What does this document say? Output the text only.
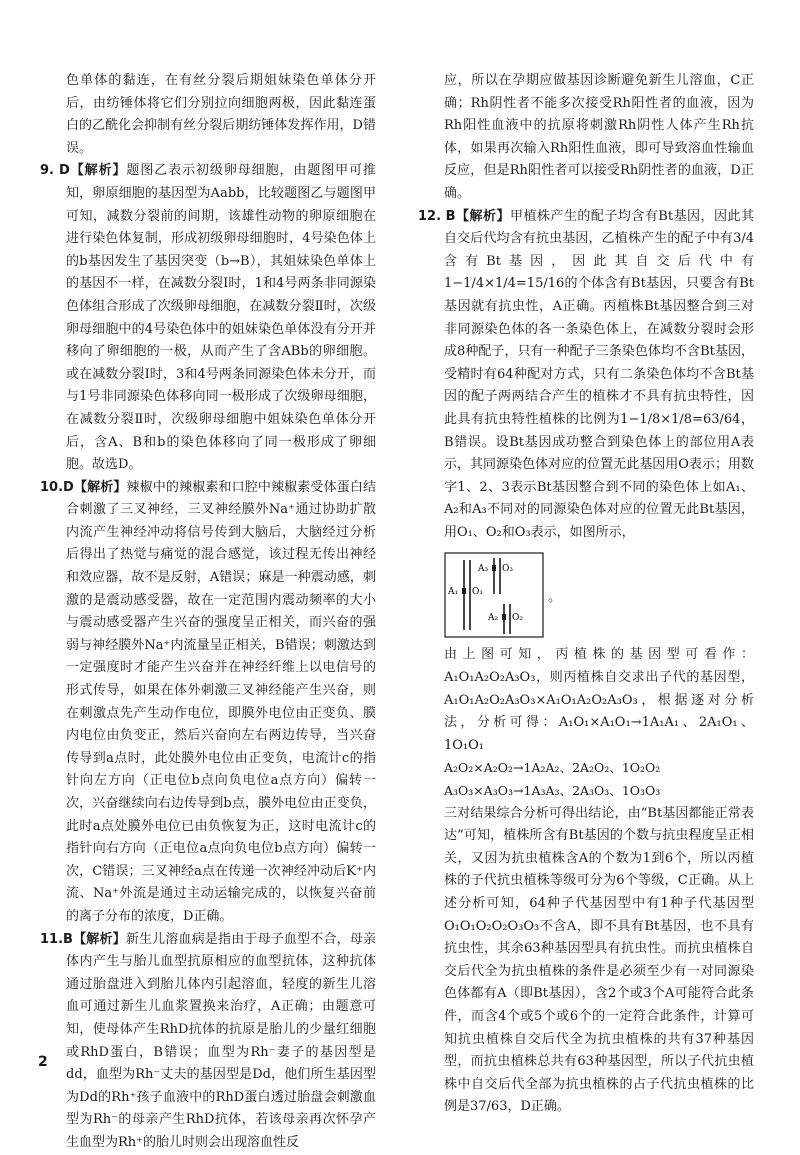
色单体的黏连，在有丝分裂后期姐妹染色单体分开后，由纺锤体将它们分别拉向细胞两极，因此黏连蛋白的乙酰化会抑制有丝分裂后期纺锤体发挥作用，D错误。

9. D【解析】题图乙表示初级卵母细胞，由题图甲可推知，卵原细胞的基因型为Aabb，比较题图乙与题图甲可知，减数分裂前的间期，该雄性动物的卵原细胞在进行染色体复制，形成初级卵母细胞时，4号染色体上的b基因发生了基因突变（b→B），其姐妹染色单体上的基因不一样，在减数分裂Ⅰ时，1和4号两条非同源染色体组合形成了次级卵母细胞，在减数分裂Ⅱ时，次级卵母细胞中的4号染色体中的姐妹染色单体没有分开并移向了卵细胞的一极，从而产生了含ABb的卵细胞。或在减数分裂Ⅰ时，3和4号两条同源染色体未分开，而与1号非同源染色体移向同一极形成了次级卵母细胞，在减数分裂Ⅱ时，次级卵母细胞中姐妹染色单体分开后，含A、B和b的染色体移向了同一极形成了卵细胞。故选D。

10.D【解析】辣椒中的辣椒素和口腔中辣椒素受体蛋白结合刺激了三叉神经，三叉神经膜外Na⁺通过协助扩散内流产生神经冲动将信号传到大脑后，大脑经过分析后得出了热觉与痛觉的混合感觉，该过程无传出神经和效应器，故不是反射，A错误；麻是一种震动感，刺激的是震动感受器，故在一定范围内震动频率的大小与震动感受器产生兴奋的强度呈正相关，而兴奋的强弱与神经膜外Na⁺内流量呈正相关，B错误；刺激达到一定强度时才能产生兴奋并在神经纤维上以电信号的形式传导，如果在体外刺激三叉神经能产生兴奋，则在刺激点先产生动作电位，即膜外电位由正变负、膜内电位由负变正，然后兴奋向左右两边传导，当兴奋传导到a点时，此处膜外电位由正变负，电流计c的指针向左方向（正电位b点向负电位a点方向）偏转一次，兴奋继续向右边传导到b点，膜外电位由正变负，此时a点处膜外电位已由负恢复为正，这时电流计c的指针向右方向（正电位a点向负电位b点方向）偏转一次，C错误；三叉神经a点在传递一次神经冲动后K⁺内流、Na⁺外流是通过主动运输完成的，以恢复兴奋前的离子分布的浓度，D正确。

11.B【解析】新生儿溶血病是指由于母子血型不合，母亲体内产生与胎儿血型抗原相应的血型抗体，这种抗体通过胎盘进入到胎儿体内引起溶血，轻度的新生儿溶血可通过新生儿血浆置换来治疗，A正确；由题意可知，使母体产生RhD抗体的抗原是胎儿的少量红细胞或RhD蛋白，B错误；血型为Rh⁻妻子的基因型是dd，血型为Rh⁻丈夫的基因型是Dd，他们所生基因型为Dd的Rh⁺孩子血液中的RhD蛋白透过胎盘会刺激血型为Rh⁻的母亲产生RhD抗体，若该母亲再次怀孕产生血型为Rh⁺的胎儿时则会出现溶血性反

应，所以在孕期应做基因诊断避免新生儿溶血，C正确；Rh阴性者不能多次接受Rh阳性者的血液，因为Rh阳性血液中的抗原将刺激Rh阴性人体产生Rh抗体，如果再次输入Rh阳性血液，即可导致溶血性输血反应，但是Rh阳性者可以接受Rh阴性者的血液，D正确。

12. B【解析】甲植株产生的配子均含有Bt基因，因此其自交后代均含有抗虫基因，乙植株产生的配子中有3/4含有Bt基因，因此其自交后代中有1−1/4×1/4=15/16的个体含有Bt基因，只要含有Bt基因就有抗虫性，A正确。丙植株Bt基因整合到三对非同源染色体的各一条染色体上，在减数分裂时会形成8种配子，只有一种配子三条染色体均不含Bt基因，受精时有64种配对方式，只有二条染色体均不含Bt基因的配子两两结合产生的植株才不具有抗虫特性，因此具有抗虫特性植株的比例为1−1/8×1/8=63/64，B错误。设Bt基因成功整合到染色体上的部位用A表示，其同源染色体对应的位置无此基因用O表示；用数字1、2、3表示Bt基因整合到不同的染色体上如A₁、A₂和A₃不同对的同源染色体对应的位置无此Bt基因，用O₁、O₂和O₃表示，如图所示，

A₃ O₃
A₁ O₁
A₂ O₂
。

由上图可知，丙植株的基因型可看作：A₁O₁A₂O₂A₃O₃，则丙植株自交求出子代的基因型，A₁O₁A₂O₂A₃O₃×A₁O₁A₂O₂A₃O₃，根据逐对分析法，分析可得：A₁O₁×A₁O₁→1A₁A₁、2A₁O₁、1O₁O₁

A₂O₂×A₂O₂→1A₂A₂、2A₂O₂、1O₂O₂

A₃O₃×A₃O₃→1A₃A₃、2A₃O₃、1O₃O₃

三对结果综合分析可得出结论，由“Bt基因都能正常表达”可知，植株所含有Bt基因的个数与抗虫程度呈正相关，又因为抗虫植株含A的个数为1到6个，所以丙植株的子代抗虫植株等级可分为6个等级，C正确。从上述分析可知，64种子代基因型中有1种子代基因型O₁O₁O₂O₂O₃O₃不含A，即不具有Bt基因，也不具有抗虫性，其余63种基因型具有抗虫性。而抗虫植株自交后代全为抗虫植株的条件是必须至少有一对同源染色体都有A（即Bt基因），含2个或3个A可能符合此条件，而含4个或5个或6个的一定符合此条件，计算可知抗虫植株自交后代全为抗虫植株的共有37种基因型，而抗虫植株总共有63种基因型，所以子代抗虫植株中自交后代全部为抗虫植株的占子代抗虫植株的比例是37/63，D正确。

2
